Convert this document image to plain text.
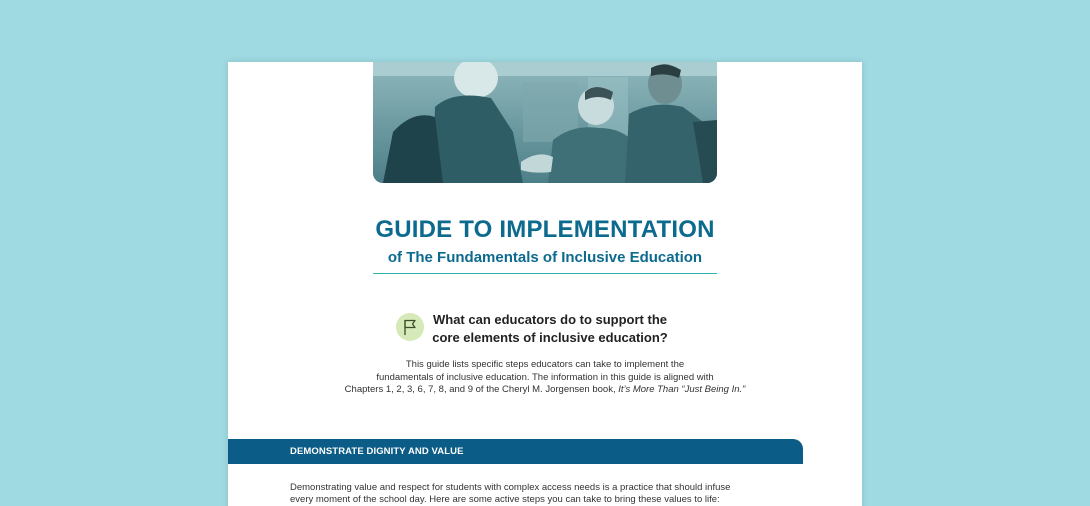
GUIDE TO IMPLEMENTATION
of The Fundamentals of Inclusive Education
What can educators do to support the
core elements of inclusive education?
This guide lists specific steps educators can take to implement the
fundamentals of inclusive education. The information in this guide is aligned with
Chapters 1, 2, 3, 6, 7, 8, and 9 of the Cheryl M. Jorgensen book, It’s More Than “Just Being In.”
DEMONSTRATE DIGNITY AND VALUE
Demonstrating value and respect for students with complex access needs is a practice that should infuse
every moment of the school day. Here are some active steps you can take to bring these values to life:
